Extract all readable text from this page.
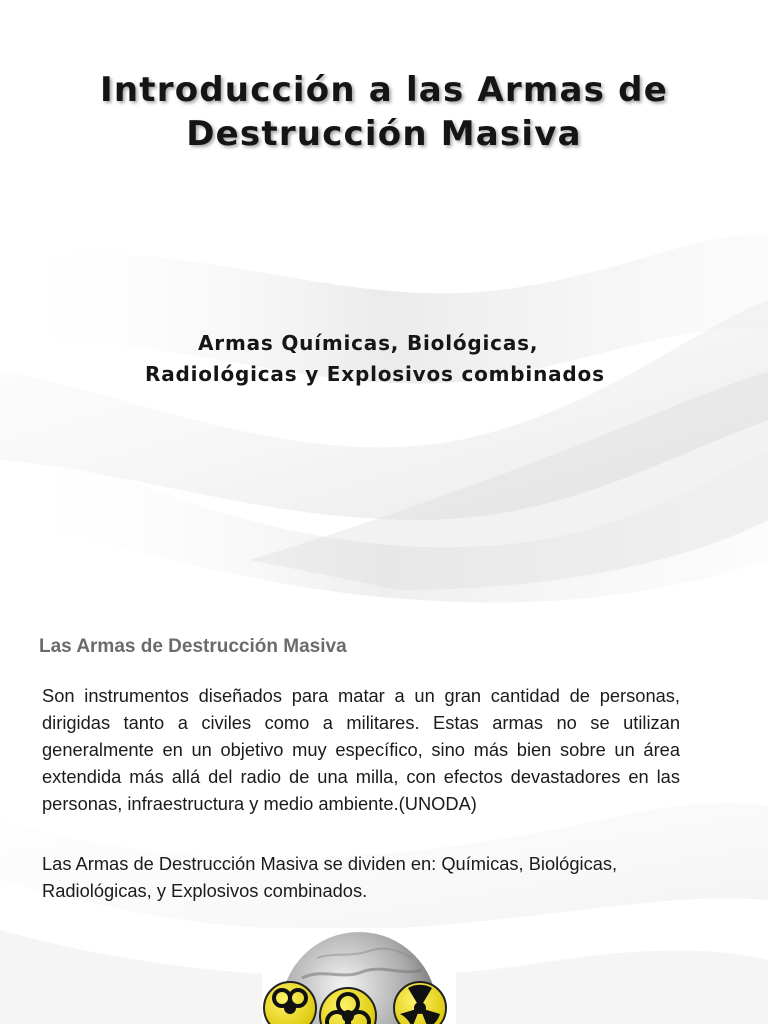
Introducción a las Armas de Destrucción Masiva
Armas Químicas, Biológicas,
Radiológicas y Explosivos combinados
Las Armas de Destrucción Masiva

Son instrumentos diseñados para matar a un gran cantidad de personas, dirigidas tanto a civiles como a militares. Estas armas no se utilizan generalmente en un objetivo muy específico, sino más bien sobre un área extendida más allá del radio de una milla, con efectos devastadores en las personas, infraestructura y medio ambiente.(UNODA)

Las Armas de Destrucción Masiva se dividen en: Químicas, Biológicas, Radiológicas, y Explosivos combinados.
